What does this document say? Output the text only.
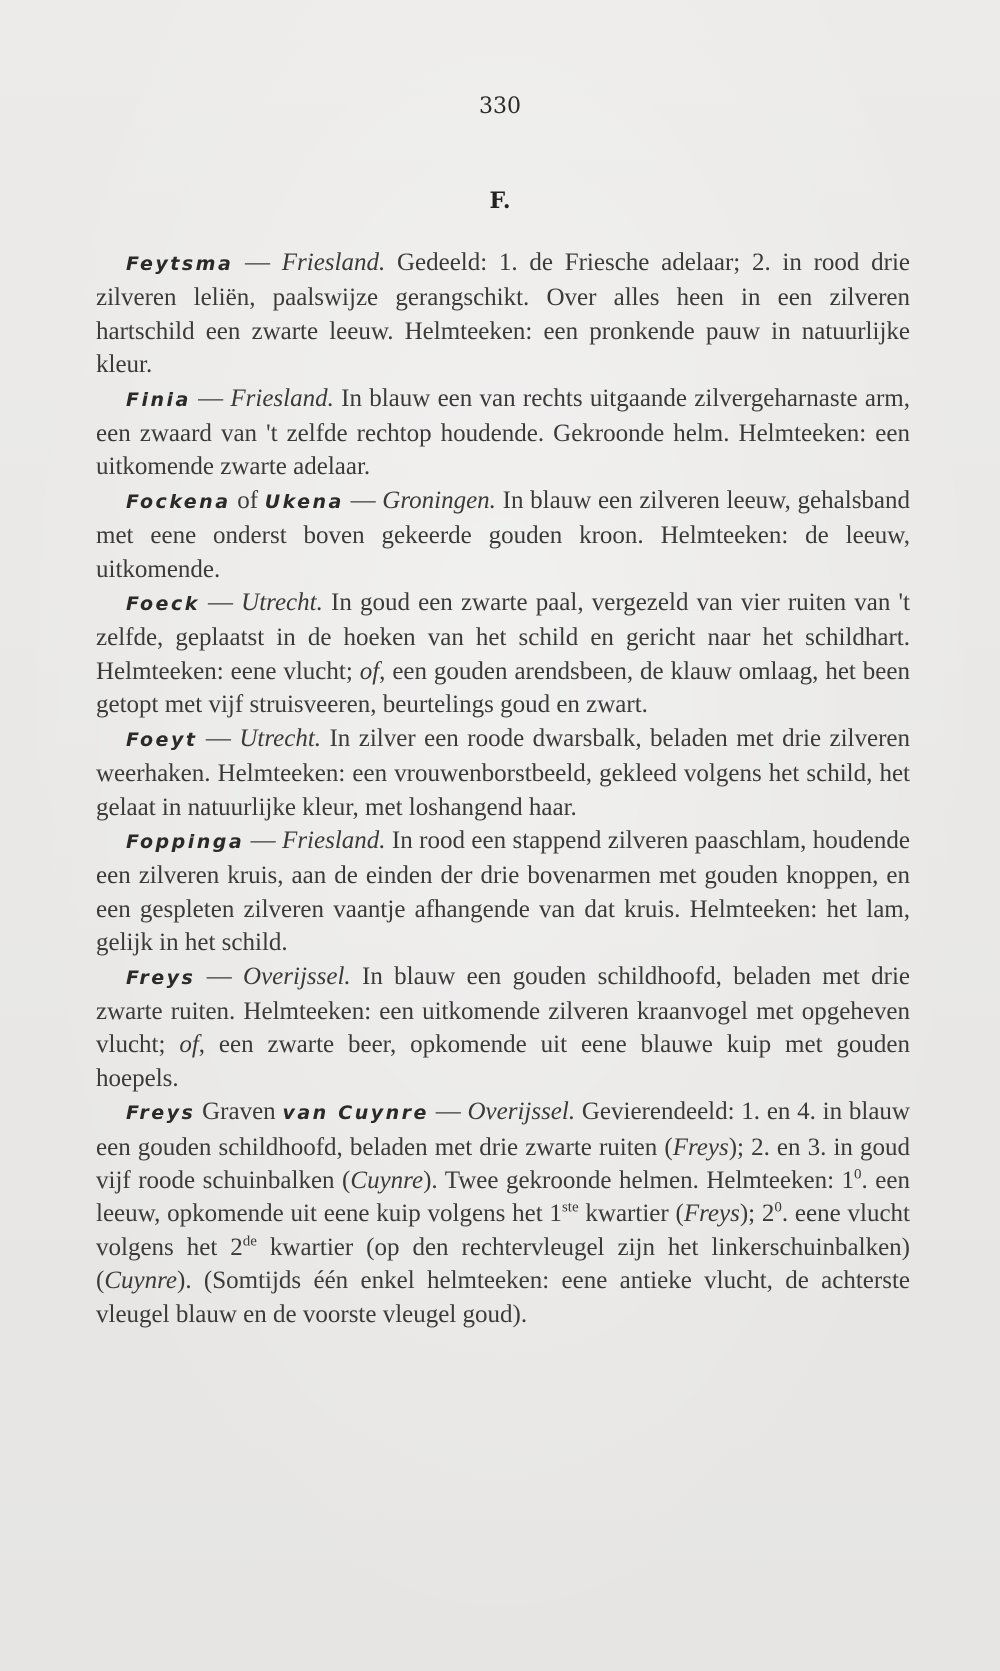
330
F.

Feytsma — Friesland. Gedeeld: 1. de Friesche adelaar; 2. in rood drie zilveren leliën, paalswijze gerangschikt. Over alles heen in een zilveren hartschild een zwarte leeuw. Helmteeken: een pronkende pauw in natuurlijke kleur.

Finia — Friesland. In blauw een van rechts uitgaande zilvergeharnaste arm, een zwaard van 't zelfde rechtop houdende. Gekroonde helm. Helmteeken: een uitkomende zwarte adelaar.

Fockena of Ukena — Groningen. In blauw een zilveren leeuw, gehalsband met eene onderst boven gekeerde gouden kroon. Helmteeken: de leeuw, uitkomende.

Foeck — Utrecht. In goud een zwarte paal, vergezeld van vier ruiten van 't zelfde, geplaatst in de hoeken van het schild en gericht naar het schildhart. Helmteeken: eene vlucht; of, een gouden arendsbeen, de klauw omlaag, het been getopt met vijf struisveeren, beurtelings goud en zwart.

Foeyt — Utrecht. In zilver een roode dwarsbalk, beladen met drie zilveren weerhaken. Helmteeken: een vrouwenborstbeeld, gekleed volgens het schild, het gelaat in natuurlijke kleur, met loshangend haar.

Foppinga — Friesland. In rood een stappend zilveren paaschlam, houdende een zilveren kruis, aan de einden der drie bovenarmen met gouden knoppen, en een gespleten zilveren vaantje afhangende van dat kruis. Helmteeken: het lam, gelijk in het schild.

Freys — Overijssel. In blauw een gouden schildhoofd, beladen met drie zwarte ruiten. Helmteeken: een uitkomende zilveren kraanvogel met opgeheven vlucht; of, een zwarte beer, opkomende uit eene blauwe kuip met gouden hoepels.

Freys Graven van Cuynre — Overijssel. Gevierendeeld: 1. en 4. in blauw een gouden schildhoofd, beladen met drie zwarte ruiten (Freys); 2. en 3. in goud vijf roode schuinbalken (Cuynre). Twee gekroonde helmen. Helmteeken: $1^0$. een leeuw, opkomende uit eene kuip volgens het 1ste kwartier (Freys); $2^0$. eene vlucht volgens het 2de kwartier (op den rechtervleugel zijn het linkerschuinbalken) (Cuynre). (Somtijds één enkel helmteeken: eene antieke vlucht, de achterste vleugel blauw en de voorste vleugel goud).
